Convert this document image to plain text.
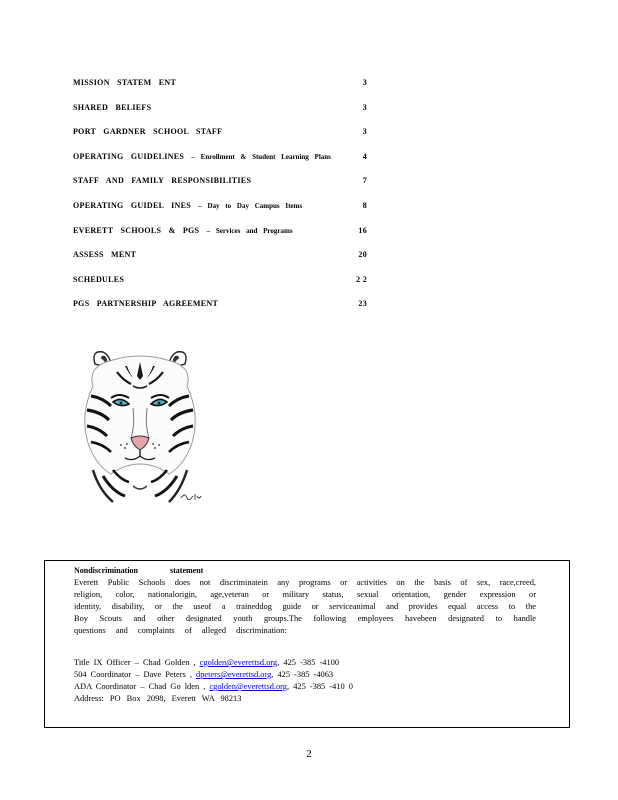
MISSION STATEM ENT	3
SHARED BELIEFS	3
PORT GARDNER SCHOOL STAFF	3
OPERATING GUIDELINES – Enrollment & Student Learning Plans	4
STAFF AND FAMILY RESPONSIBILITIES	7
OPERATING GUIDEL INES – Day to Day Campus Items	8
EVERETT SCHOOLS & PGS – Services and Programs	16
ASSESS MENT	20
SCHEDULES	2 2
PGS PARTNERSHIP AGREEMENT	23
Nondiscrimination statement
Everett Public Schools does not discriminatein any programs or activities on the basis of sex, race,creed,
religion, color, nationalorigin, age,veteran or military status, sexual orientation, gender expression or
identity, disability, or the useof a traineddog guide or serviceanimal and provides equal access to the
Boy Scouts and other designated youth groups.The following employees havebeen designated to handle
questions and complaints of alleged discrimination:
Title IX Officer – Chad Golden , cgolden@everettsd.org, 425 -385 -4100
504 Coordinator – Dave Peters , dpeters@everettsd.org, 425 -385 -4063
ADA Coordinator – Chad Go lden , cgolden@everettsd.org, 425 -385 -410 0
Address: PO Box 2098, Everett WA 98213
2
